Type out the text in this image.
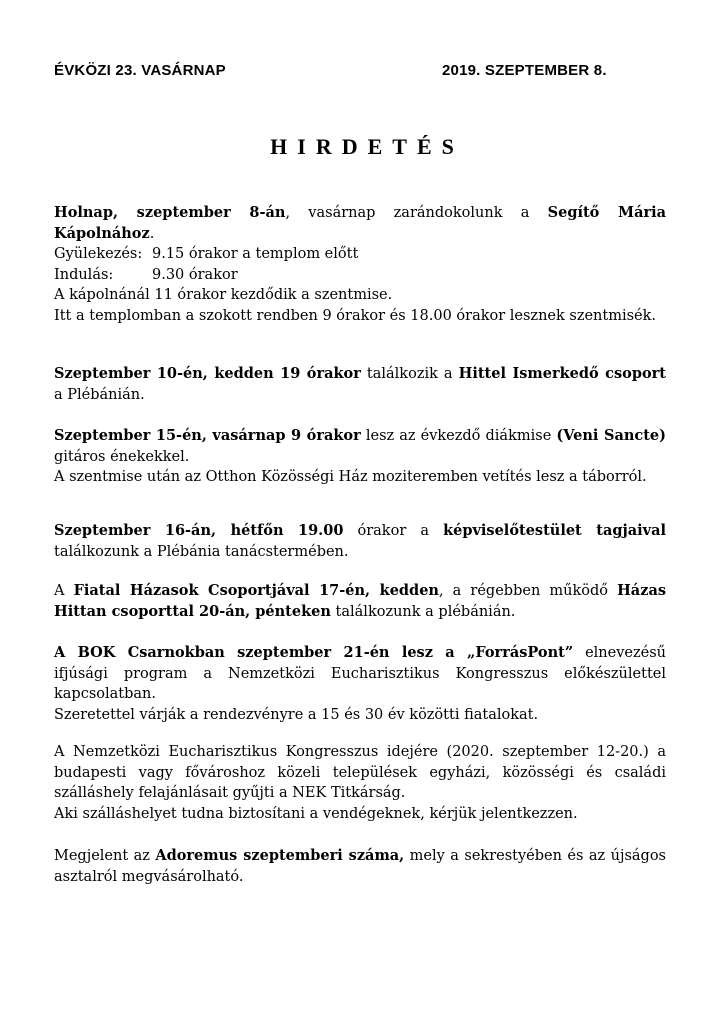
ÉVKÖZI 23. VASÁRNAP	2019. SZEPTEMBER 8.
HIRDETÉS
Holnap, szeptember 8-án, vasárnap zarándokolunk a Segítő Mária Kápolnához.
Gyülekezés: 9.15 órakor a templom előtt
Indulás:	9.30 órakor
A kápolnánál 11 órakor kezdődik a szentmise.
Itt a templomban a szokott rendben 9 órakor és 18.00 órakor lesznek szentmisék.
Szeptember 10-én, kedden 19 órakor találkozik a Hittel Ismerkedő csoport a Plébánián.
Szeptember 15-én, vasárnap 9 órakor lesz az évkezdő diákmise (Veni Sancte) gitáros énekekkel.
A szentmise után az Otthon Közösségi Ház moziteremben vetítés lesz a táborról.
Szeptember 16-án, hétfőn 19.00 órakor a képviselőtestület tagjaival találkozunk a Plébánia tanácstermében.
A Fiatal Házasok Csoportjával 17-én, kedden, a régebben működő Házas Hittan csoporttal 20-án, pénteken találkozunk a plébánián.
A BOK Csarnokban szeptember 21-én lesz a „ForrásPont” elnevezésű ifjúsági program a Nemzetközi Eucharisztikus Kongresszus előkészülettel kapcsolatban.
Szeretettel várják a rendezvényre a 15 és 30 év közötti fiatalokat.
A Nemzetközi Eucharisztikus Kongresszus idejére (2020. szeptember 12-20.) a budapesti vagy fővároshoz közeli települések egyházi, közösségi és családi szálláshely felajánlásait gyűjti a NEK Titkárság.
Aki szálláshelyet tudna biztosítani a vendégeknek, kérjük jelentkezzen.
Megjelent az Adoremus szeptemberi száma, mely a sekrestyében és az újságos asztalról megvásárolható.
